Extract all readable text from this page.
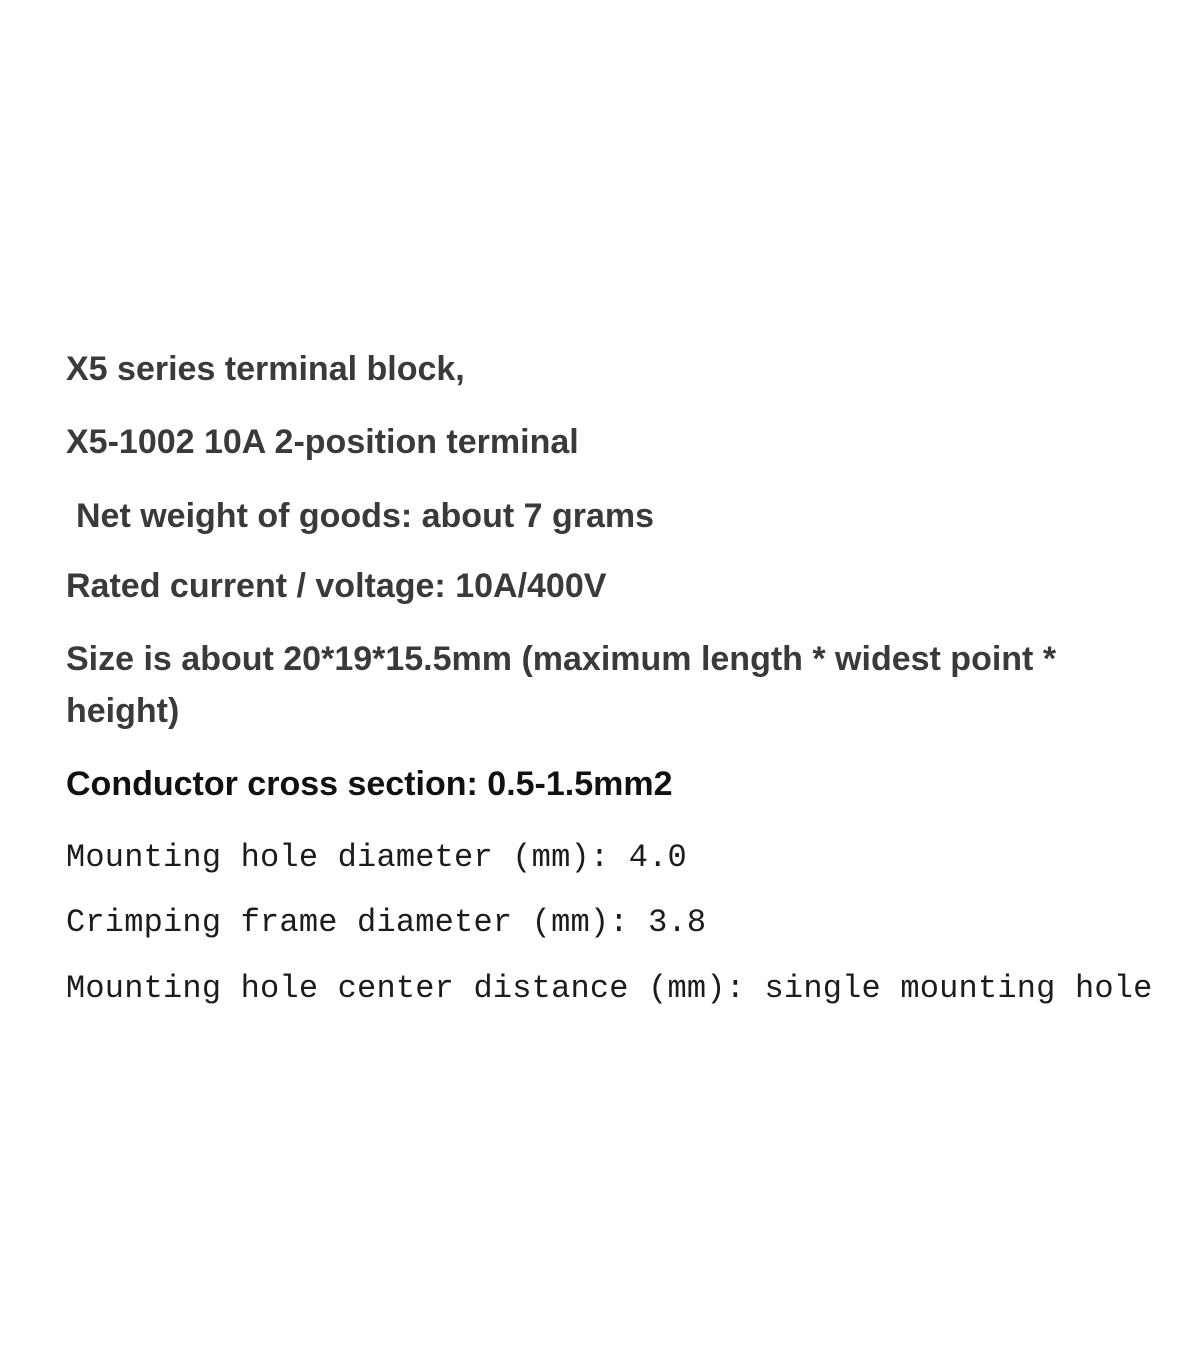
X5 series terminal block,

X5-1002 10A 2-position terminal

Net weight of goods: about 7 grams

Rated current / voltage: 10A/400V

Size is about 20*19*15.5mm (maximum length * widest point * height)

Conductor cross section: 0.5-1.5mm2

Mounting hole diameter (mm): 4.0

Crimping frame diameter (mm): 3.8

Mounting hole center distance (mm): single mounting hole
